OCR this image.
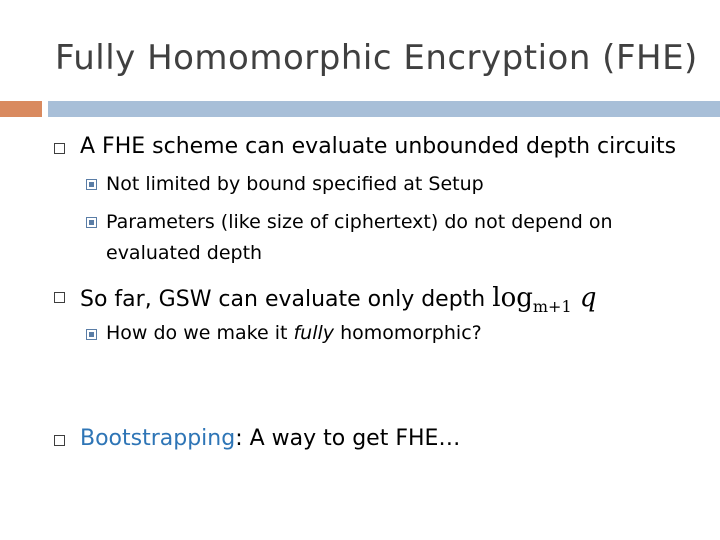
Fully Homomorphic Encryption (FHE)
A FHE scheme can evaluate unbounded depth circuits
Not limited by bound specified at Setup
Parameters (like size of ciphertext) do not depend on
evaluated depth
So far, GSW can evaluate only depth $\log_{m+1} q$
How do we make it fully homomorphic?
Bootstrapping: A way to get FHE…
